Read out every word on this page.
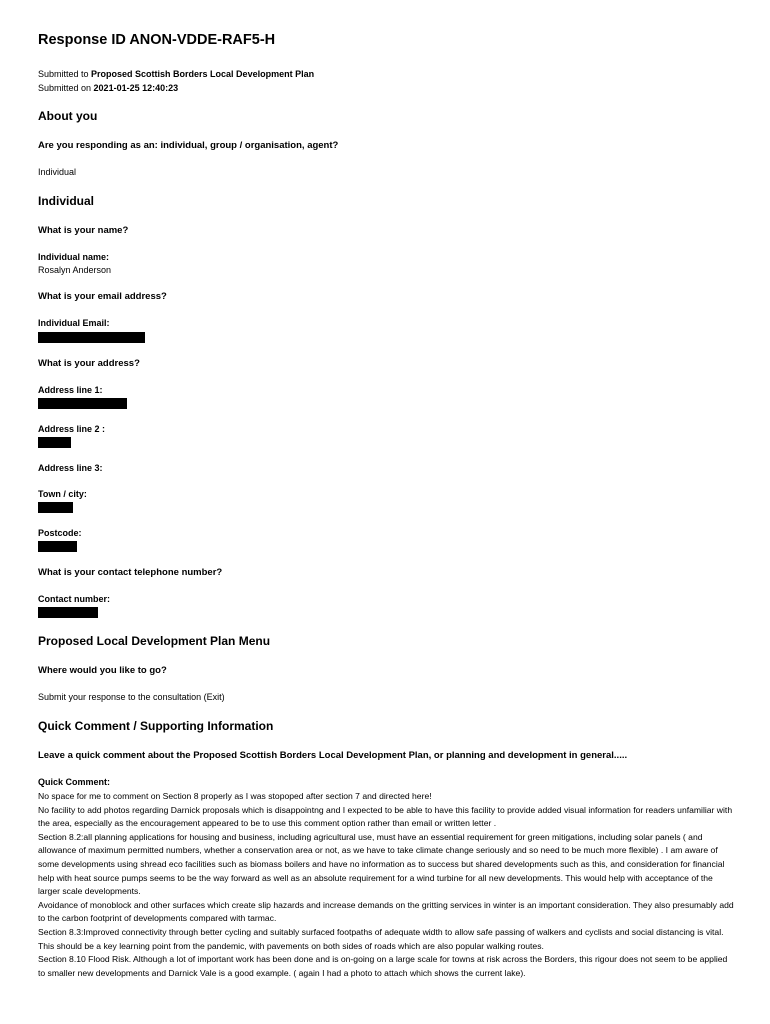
Response ID ANON-VDDE-RAF5-H
Submitted to Proposed Scottish Borders Local Development Plan
Submitted on 2021-01-25 12:40:23
About you
Are you responding as an: individual, group / organisation, agent?
Individual
Individual
What is your name?
Individual name:
Rosalyn Anderson
What is your email address?
Individual Email:
What is your address?
Address line 1:
Address line 2 :
Address line 3:
Town / city:
Postcode:
What is your contact telephone number?
Contact number:
Proposed Local Development Plan Menu
Where would you like to go?
Submit your response to the consultation (Exit)
Quick Comment / Supporting Information
Leave a quick comment about the Proposed Scottish Borders Local Development Plan, or planning and development in general.....
Quick Comment:

No space for me to comment on Section 8 properly as I was stopoped after section 7 and directed here!

No facility to add photos regarding Darnick proposals which is disappointng and I expected to be able to have this facility to provide added visual information for readers unfamiliar with the area, especially as the encouragement appeared to be to use this comment option rather than email or written letter .

Section 8.2:all planning applications for housing and business, including agricultural use, must have an essential requirement for green mitigations, including solar panels ( and allowance of maximum permitted numbers, whether a conservation area or not, as we have to take climate change seriously and so need to be much more flexible) . I am aware of some developments using shread eco facilities such as biomass boilers and have no information as to success but shared developments such as this, and consideration for financial help with heat source pumps seems to be the way forward as well as an absolute requirement for a wind turbine for all new developments. This would help with acceptance of the larger scale developments.

Avoidance of monoblock and other surfaces which create slip hazards and increase demands on the gritting services in winter is an important consideration. They also presumably add to the carbon footprint of developments compared with tarmac.

Section 8.3:Improved connectivity through better cycling and suitably surfaced footpaths of adequate width to allow safe passing of walkers and cyclists and social distancing is vital. This should be a key learning point from the pandemic, with pavements on both sides of roads which are also popular walking routes.

Section 8.10 Flood Risk. Although a lot of important work has been done and is on-going on a large scale for towns at risk across the Borders, this rigour does not seem to be applied to smaller new developments and Darnick Vale is a good example. ( again I had a photo to attach which shows the current lake).
